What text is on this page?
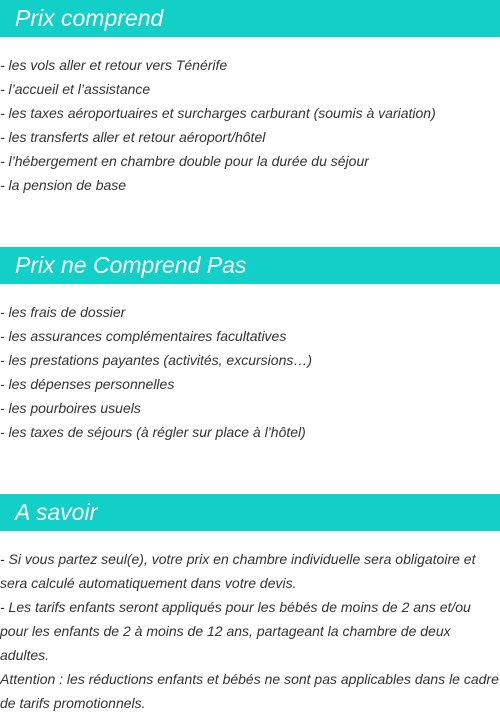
Prix comprend
- les vols aller et retour vers Ténérife
- l’accueil et l’assistance
- les taxes aéroportuaires et surcharges carburant (soumis à variation)
- les transferts aller et retour aéroport/hôtel
- l’hébergement en chambre double pour la durée du séjour
- la pension de base
Prix ne Comprend Pas
- les frais de dossier
- les assurances complémentaires facultatives
- les prestations payantes (activités, excursions…)
- les dépenses personnelles
- les pourboires usuels
- les taxes de séjours (à régler sur place à l’hôtel)
A savoir

- Si vous partez seul(e), votre prix en chambre individuelle sera obligatoire et sera calculé automatiquement dans votre devis.

- Les tarifs enfants seront appliqués pour les bébés de moins de 2 ans et/ou pour les enfants de 2 à moins de 12 ans, partageant la chambre de deux adultes.

Attention : les réductions enfants et bébés ne sont pas applicables dans le cadre de tarifs promotionnels.
